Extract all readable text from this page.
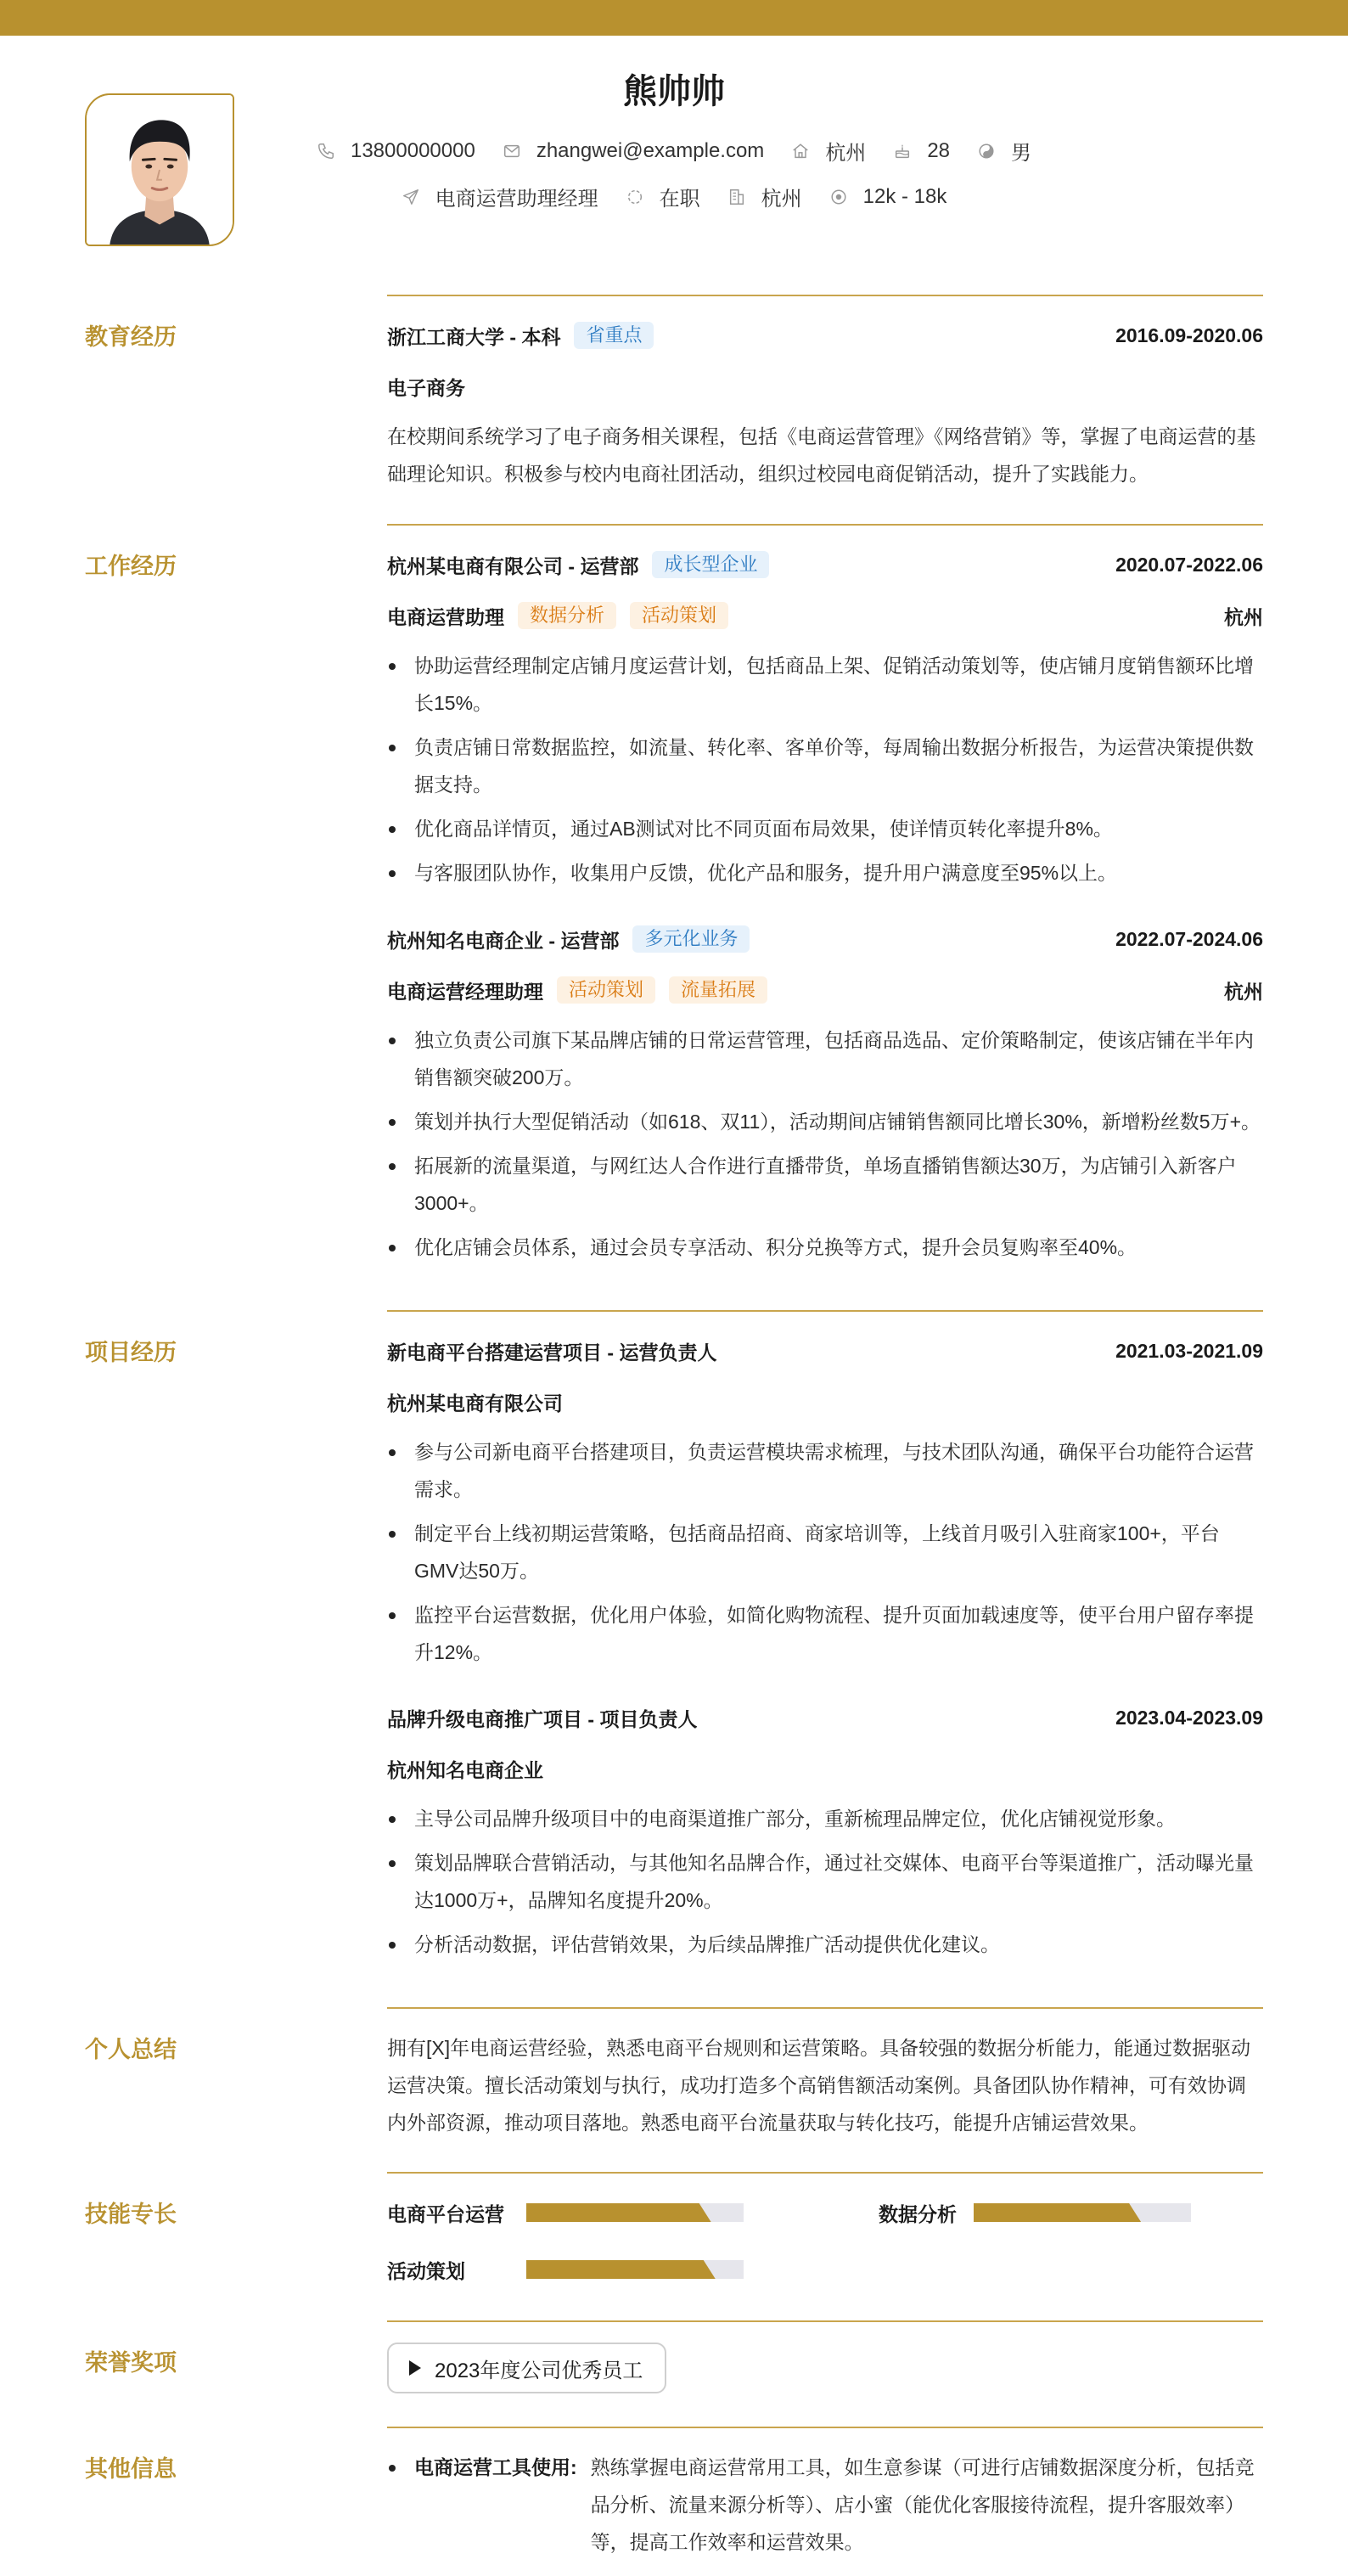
熊帅帅
13800000000	zhangwei@example.com	杭州	28	男
电商运营助理经理	在职	杭州	12k - 18k
教育经历	浙江工商大学 - 本科	省重点	2016.09-2020.06
电子商务

在校期间系统学习了电子商务相关课程，包括《电商运营管理》《网络营销》等，掌握了电商运营的基础理论知识。积极参与校内电商社团活动，组织过校园电商促销活动，提升了实践能力。

工作经历	杭州某电商有限公司 - 运营部	成长型企业	2020.07-2022.06
电商运营助理	数据分析	活动策划	杭州
协助运营经理制定店铺月度运营计划，包括商品上架、促销活动策划等，使店铺月度销售额环比增长15%。
负责店铺日常数据监控，如流量、转化率、客单价等，每周输出数据分析报告，为运营决策提供数据支持。
优化商品详情页，通过AB测试对比不同页面布局效果，使详情页转化率提升8%。
与客服团队协作，收集用户反馈，优化产品和服务，提升用户满意度至95%以上。
杭州知名电商企业 - 运营部	多元化业务	2022.07-2024.06
电商运营经理助理	活动策划	流量拓展	杭州
独立负责公司旗下某品牌店铺的日常运营管理，包括商品选品、定价策略制定，使该店铺在半年内销售额突破200万。
策划并执行大型促销活动（如618、双11），活动期间店铺销售额同比增长30%，新增粉丝数5万+。
拓展新的流量渠道，与网红达人合作进行直播带货，单场直播销售额达30万，为店铺引入新客户3000+。
优化店铺会员体系，通过会员专享活动、积分兑换等方式，提升会员复购率至40%。
项目经历	新电商平台搭建运营项目 - 运营负责人	2021.03-2021.09
杭州某电商有限公司
参与公司新电商平台搭建项目，负责运营模块需求梳理，与技术团队沟通，确保平台功能符合运营需求。
制定平台上线初期运营策略，包括商品招商、商家培训等，上线首月吸引入驻商家100+，平台GMV达50万。
监控平台运营数据，优化用户体验，如简化购物流程、提升页面加载速度等，使平台用户留存率提升12%。
品牌升级电商推广项目 - 项目负责人	2023.04-2023.09
杭州知名电商企业
主导公司品牌升级项目中的电商渠道推广部分，重新梳理品牌定位，优化店铺视觉形象。
策划品牌联合营销活动，与其他知名品牌合作，通过社交媒体、电商平台等渠道推广，活动曝光量达1000万+，品牌知名度提升20%。
分析活动数据，评估营销效果，为后续品牌推广活动提供优化建议。
个人总结	拥有[X]年电商运营经验，熟悉电商平台规则和运营策略。具备较强的数据分析能力，能通过数据驱动运营决策。擅长活动策划与执行，成功打造多个高销售额活动案例。具备团队协作精神，可有效协调内外部资源，推动项目落地。熟悉电商平台流量获取与转化技巧，能提升店铺运营效果。

技能专长	电商平台运营	数据分析
活动策划
荣誉奖项	2023年度公司优秀员工
其他信息	电商运营工具使用: 熟练掌握电商运营常用工具，如生意参谋（可进行店铺数据深度分析，包括竞品分析、流量来源分析等）、店小蜜（能优化客服接待流程，提升客服效率）等，提高工作效率和运营效果。
